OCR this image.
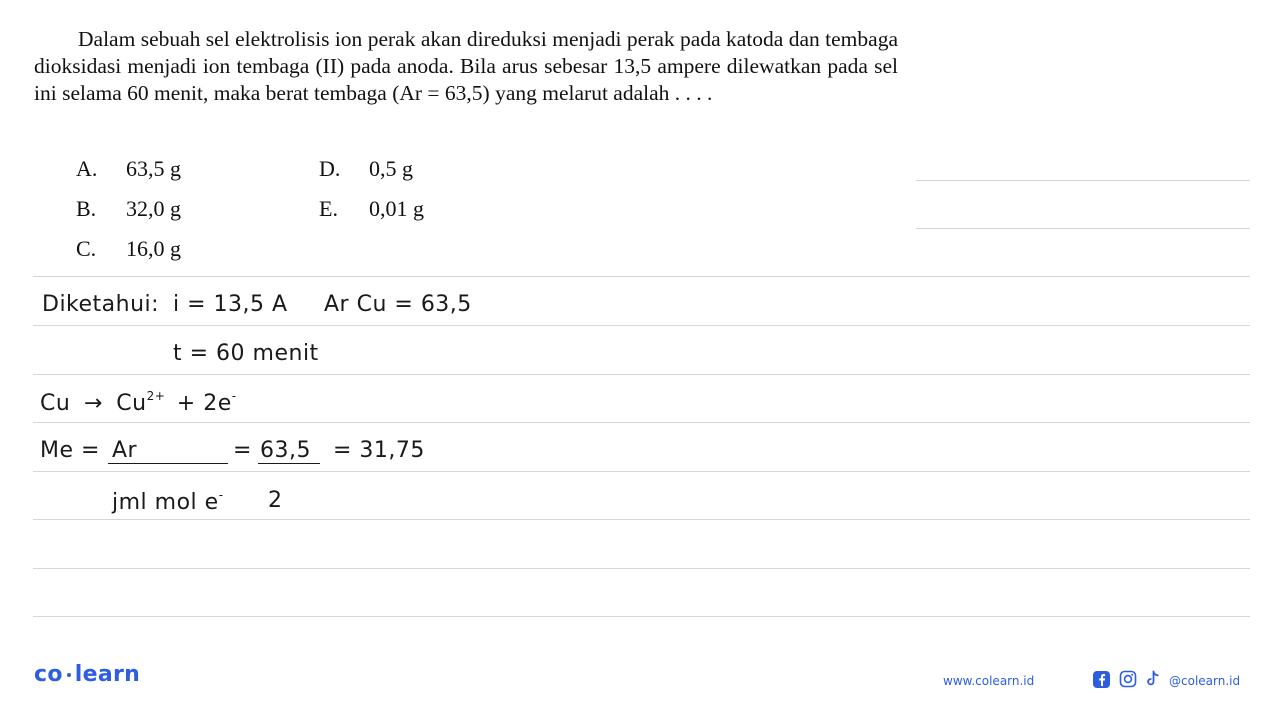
Dalam sebuah sel elektrolisis ion perak akan direduksi menjadi perak pada katoda dan tembaga dioksidasi menjadi ion tembaga (II) pada anoda. Bila arus sebesar 13,5 ampere dilewatkan pada sel ini selama 60 menit, maka berat tembaga (Ar = 63,5) yang melarut adalah . . . .
A. 63,5 g
B. 32,0 g
C. 16,0 g
D. 0,5 g
E. 0,01 g
Diketahui: i = 13,5 A Ar Cu = 63,5
t = 60 menit
$Cu \to Cu^{2+} + 2e^-$
Me = Ar	= 63,5 = 31,75
jml mol e- 2
co learn	www.colearn.id	@colearn.id
